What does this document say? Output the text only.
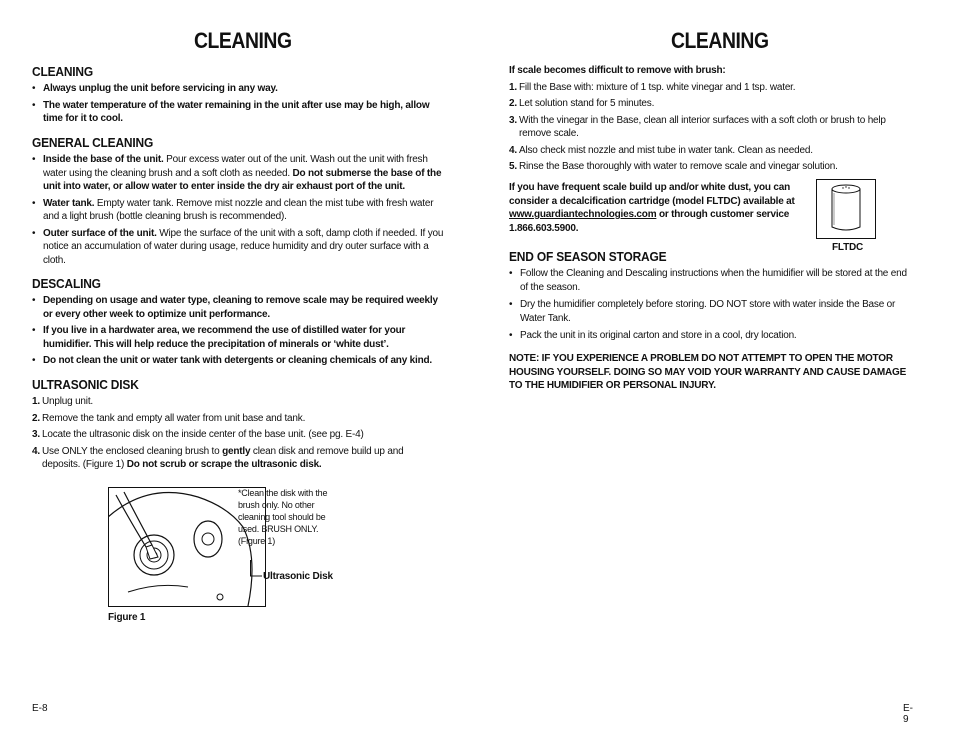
CLEANING
CLEANING
• Always unplug the unit before servicing in any way.
• The water temperature of the water remaining in the unit after use may be high, allow time for it to cool.
GENERAL CLEANING
• Inside the base of the unit. Pour excess water out of the unit. Wash out the unit with fresh water using the cleaning brush and a soft cloth as needed. Do not submerse the base of the unit into water, or allow water to enter inside the dry air exhaust port of the unit.
• Water tank. Empty water tank. Remove mist nozzle and clean the mist tube with fresh water and a light brush (bottle cleaning brush is recommended).
• Outer surface of the unit. Wipe the surface of the unit with a soft, damp cloth if needed. If you notice an accumulation of water during usage, reduce humidity and dry outer surface with a cloth.
DESCALING
• Depending on usage and water type, cleaning to remove scale may be required weekly or every other week to optimize unit performance.
• If you live in a hardwater area, we recommend the use of distilled water for your humidifier. This will help reduce the precipitation of minerals or ‘white dust’.
• Do not clean the unit or water tank with detergents or cleaning chemicals of any kind.
ULTRASONIC DISK
1. Unplug unit.
2. Remove the tank and empty all water from unit base and tank.
3. Locate the ultrasonic disk on the inside center of the base unit. (see pg. E-4)
4. Use ONLY the enclosed cleaning brush to gently clean disk and remove build up and deposits. (Figure 1) Do not scrub or scrape the ultrasonic disk.
*Clean the disk with the brush only. No other cleaning tool should be used. BRUSH ONLY. (Figure 1)
Ultrasonic Disk
Figure 1
E-8
CLEANING
If scale becomes difficult to remove with brush:
1. Fill the Base with: mixture of 1 tsp. white vinegar and 1 tsp. water.
2. Let solution stand for 5 minutes.
3. With the vinegar in the Base, clean all interior surfaces with a soft cloth or brush to help remove scale.
4. Also check mist nozzle and mist tube in water tank. Clean as needed.
5. Rinse the Base thoroughly with water to remove scale and vinegar solution.
If you have frequent scale build up and/or white dust, you can consider a decalcification cartridge (model FLTDC) available at www.guardiantechnologies.com or through customer service 1.866.603.5900.
FLTDC
END OF SEASON STORAGE
• Follow the Cleaning and Descaling instructions when the humidifier will be stored at the end of the season.
• Dry the humidifier completely before storing. DO NOT store with water inside the Base or Water Tank.
• Pack the unit in its original carton and store in a cool, dry location.
NOTE: IF YOU EXPERIENCE A PROBLEM DO NOT ATTEMPT TO OPEN THE MOTOR HOUSING YOURSELF. DOING SO MAY VOID YOUR WARRANTY AND CAUSE DAMAGE TO THE HUMIDIFIER OR PERSONAL INJURY.
E-9
